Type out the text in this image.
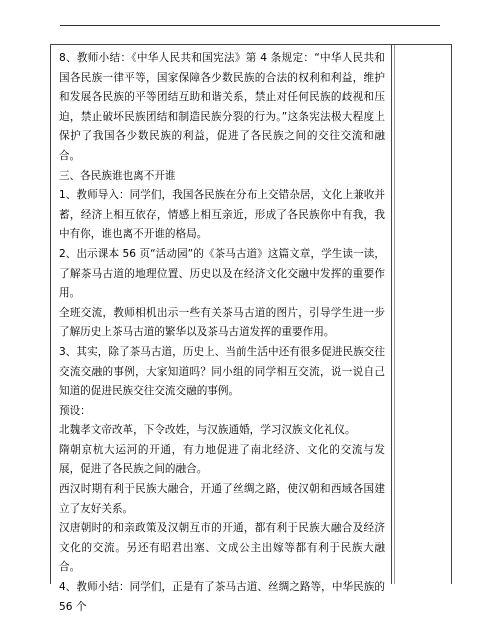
8、教师小结：《中华人民共和国宪法》第 4 条规定：“中华人民共和国各民族一律平等，国家保障各少数民族的合法的权利和利益，维护和发展各民族的平等团结互助和谐关系，禁止对任何民族的歧视和压迫，禁止破坏民族团结和制造民族分裂的行为。”这条宪法极大程度上保护了我国各少数民族的利益，促进了各民族之间的交往交流和融合。

三、各民族谁也离不开谁

1、教师导入：同学们，我国各民族在分布上交错杂居，文化上兼收并蓄，经济上相互依存，情感上相互亲近，形成了各民族你中有我，我中有你，谁也离不开谁的格局。

2、出示课本 56 页“活动园”的《茶马古道》这篇文章，学生读一读，了解茶马古道的地理位置、历史以及在经济文化交融中发挥的重要作用。

全班交流，教师相机出示一些有关茶马古道的图片，引导学生进一步了解历史上茶马古道的繁华以及茶马古道发挥的重要作用。

3、其实，除了茶马古道，历史上、当前生活中还有很多促进民族交往交流交融的事例，大家知道吗？同小组的同学相互交流，说一说自己知道的促进民族交往交流交融的事例。

预设：

北魏孝文帝改革，下令改姓，与汉族通婚，学习汉族文化礼仪。

隋朝京杭大运河的开通，有力地促进了南北经济、文化的交流与发展，促进了各民族之间的融合。

西汉时期有利于民族大融合，开通了丝绸之路，使汉朝和西域各国建立了友好关系。

汉唐朝时的和亲政策及汉朝互市的开通，都有利于民族大融合及经济文化的交流。另还有昭君出塞、文成公主出嫁等都有利于民族大融合。

4、教师小结：同学们，正是有了茶马古道、丝绸之路等，中华民族的 56 个
